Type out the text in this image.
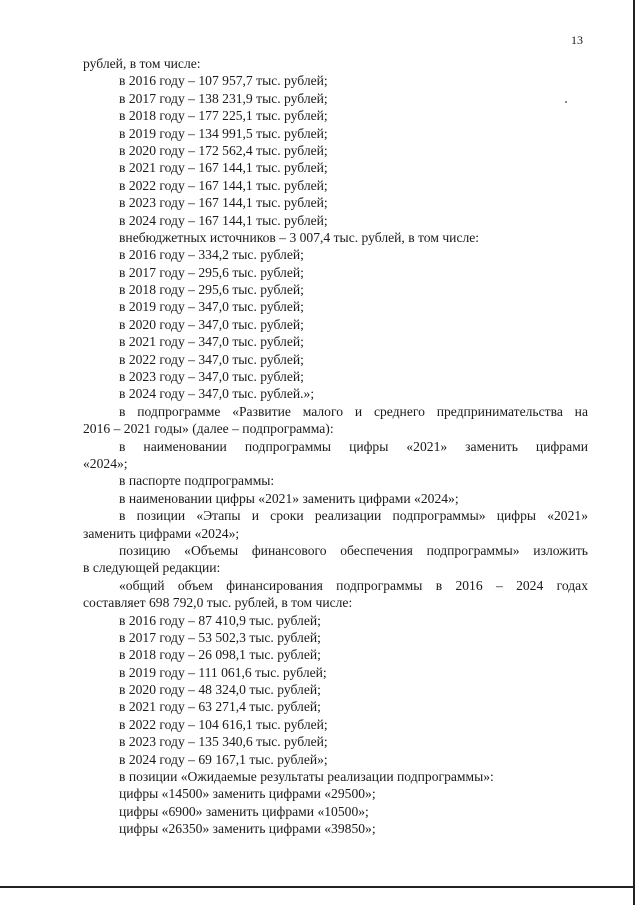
13
рублей, в том числе:
в 2016 году – 107 957,7 тыс. рублей;
в 2017 году – 138 231,9 тыс. рублей;
в 2018 году – 177 225,1 тыс. рублей;
в 2019 году – 134 991,5 тыс. рублей;
в 2020 году – 172 562,4 тыс. рублей;
в 2021 году – 167 144,1 тыс. рублей;
в 2022 году – 167 144,1 тыс. рублей;
в 2023 году – 167 144,1 тыс. рублей;
в 2024 году – 167 144,1 тыс. рублей;
внебюджетных источников – 3 007,4 тыс. рублей, в том числе:
в 2016 году – 334,2 тыс. рублей;
в 2017 году – 295,6 тыс. рублей;
в 2018 году – 295,6 тыс. рублей;
в 2019 году – 347,0 тыс. рублей;
в 2020 году – 347,0 тыс. рублей;
в 2021 году – 347,0 тыс. рублей;
в 2022 году – 347,0 тыс. рублей;
в 2023 году – 347,0 тыс. рублей;
в 2024 году – 347,0 тыс. рублей.»;
в подпрограмме «Развитие малого и среднего предпринимательства на
2016 – 2021 годы» (далее – подпрограмма):
в наименовании подпрограммы цифры «2021» заменить цифрами
«2024»;
в паспорте подпрограммы:
в наименовании цифры «2021» заменить цифрами «2024»;
в позиции «Этапы и сроки реализации подпрограммы» цифры «2021»
заменить цифрами «2024»;
позицию «Объемы финансового обеспечения подпрограммы» изложить
в следующей редакции:
«общий объем финансирования подпрограммы в 2016 – 2024 годах
составляет 698 792,0 тыс. рублей, в том числе:
в 2016 году – 87 410,9 тыс. рублей;
в 2017 году – 53 502,3 тыс. рублей;
в 2018 году – 26 098,1 тыс. рублей;
в 2019 году – 111 061,6 тыс. рублей;
в 2020 году – 48 324,0 тыс. рублей;
в 2021 году – 63 271,4 тыс. рублей;
в 2022 году – 104 616,1 тыс. рублей;
в 2023 году – 135 340,6 тыс. рублей;
в 2024 году – 69 167,1 тыс. рублей»;
в позиции «Ожидаемые результаты реализации подпрограммы»:
цифры «14500» заменить цифрами «29500»;
цифры «6900» заменить цифрами «10500»;
цифры «26350» заменить цифрами «39850»;
